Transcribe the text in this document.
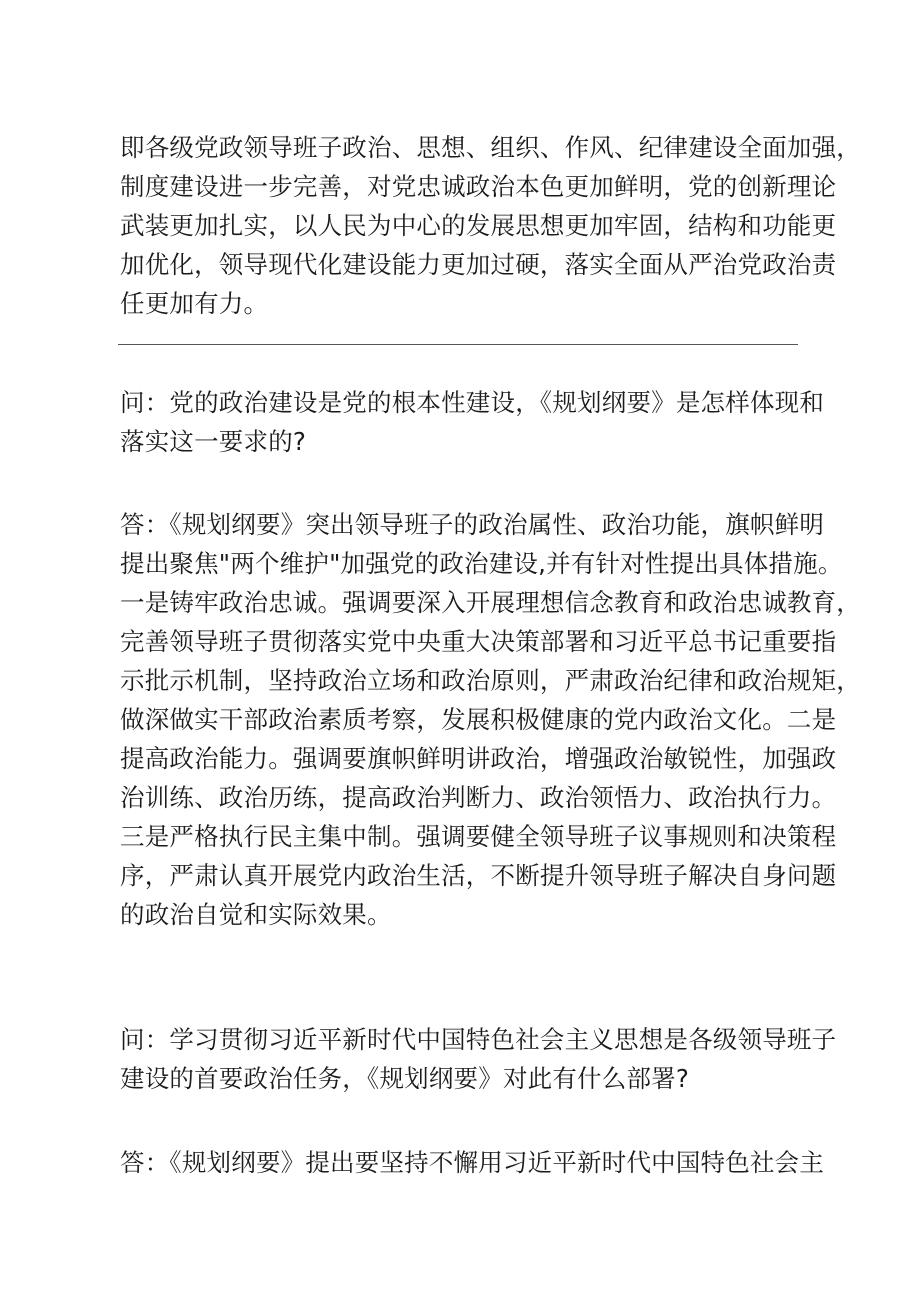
即各级党政领导班子政治、思想、组织、作风、纪律建设全面加强，
制度建设进一步完善，对党忠诚政治本色更加鲜明，党的创新理论
武装更加扎实，以人民为中心的发展思想更加牢固，结构和功能更
加优化，领导现代化建设能力更加过硬，落实全面从严治党政治责
任更加有力。
问：党的政治建设是党的根本性建设，《规划纲要》是怎样体现和
落实这一要求的?
答：《规划纲要》突出领导班子的政治属性、政治功能，旗帜鲜明
提出聚焦"两个维护"加强党的政治建设,并有针对性提出具体措施。
一是铸牢政治忠诚。强调要深入开展理想信念教育和政治忠诚教育，
完善领导班子贯彻落实党中央重大决策部署和习近平总书记重要指
示批示机制，坚持政治立场和政治原则，严肃政治纪律和政治规矩，
做深做实干部政治素质考察，发展积极健康的党内政治文化。二是
提高政治能力。强调要旗帜鲜明讲政治，增强政治敏锐性，加强政
治训练、政治历练，提高政治判断力、政治领悟力、政治执行力。
三是严格执行民主集中制。强调要健全领导班子议事规则和决策程
序，严肃认真开展党内政治生活，不断提升领导班子解决自身问题
的政治自觉和实际效果。
问：学习贯彻习近平新时代中国特色社会主义思想是各级领导班子
建设的首要政治任务，《规划纲要》对此有什么部署?
答：《规划纲要》提出要坚持不懈用习近平新时代中国特色社会主
